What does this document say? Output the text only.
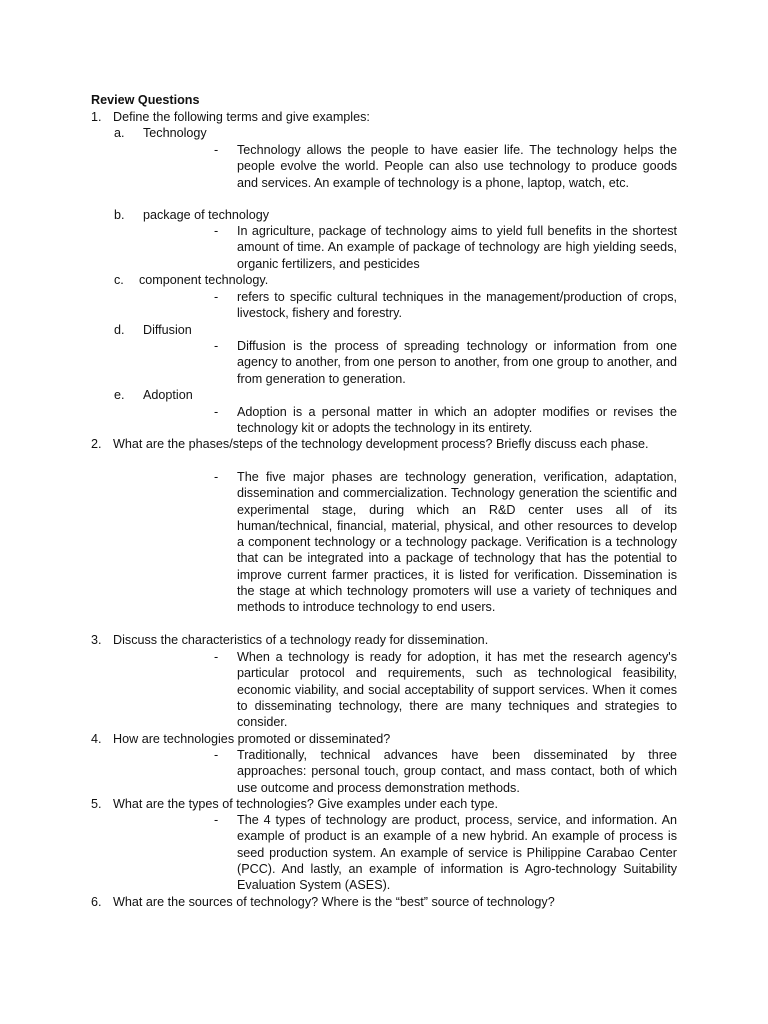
Review Questions
1. Define the following terms and give examples:
a. Technology
- Technology allows the people to have easier life. The technology helps the people evolve the world. People can also use technology to produce goods and services. An example of technology is a phone, laptop, watch, etc.
b. package of technology
- In agriculture, package of technology aims to yield full benefits in the shortest amount of time. An example of package of technology are high yielding seeds, organic fertilizers, and pesticides
c. component technology.
- refers to specific cultural techniques in the management/production of crops, livestock, fishery and forestry.
d. Diffusion
- Diffusion is the process of spreading technology or information from one agency to another, from one person to another, from one group to another, and from generation to generation.
e. Adoption
- Adoption is a personal matter in which an adopter modifies or revises the technology kit or adopts the technology in its entirety.
2. What are the phases/steps of the technology development process? Briefly discuss each phase.
- The five major phases are technology generation, verification, adaptation, dissemination and commercialization. Technology generation the scientific and experimental stage, during which an R&D center uses all of its human/technical, financial, material, physical, and other resources to develop a component technology or a technology package. Verification is a technology that can be integrated into a package of technology that has the potential to improve current farmer practices, it is listed for verification. Dissemination is the stage at which technology promoters will use a variety of techniques and methods to introduce technology to end users.
3. Discuss the characteristics of a technology ready for dissemination.
- When a technology is ready for adoption, it has met the research agency's particular protocol and requirements, such as technological feasibility, economic viability, and social acceptability of support services. When it comes to disseminating technology, there are many techniques and strategies to consider.
4. How are technologies promoted or disseminated?
- Traditionally, technical advances have been disseminated by three approaches: personal touch, group contact, and mass contact, both of which use outcome and process demonstration methods.
5. What are the types of technologies? Give examples under each type.
- The 4 types of technology are product, process, service, and information. An example of product is an example of a new hybrid. An example of process is seed production system. An example of service is Philippine Carabao Center (PCC). And lastly, an example of information is Agro-technology Suitability Evaluation System (ASES).
6. What are the sources of technology? Where is the “best” source of technology?
